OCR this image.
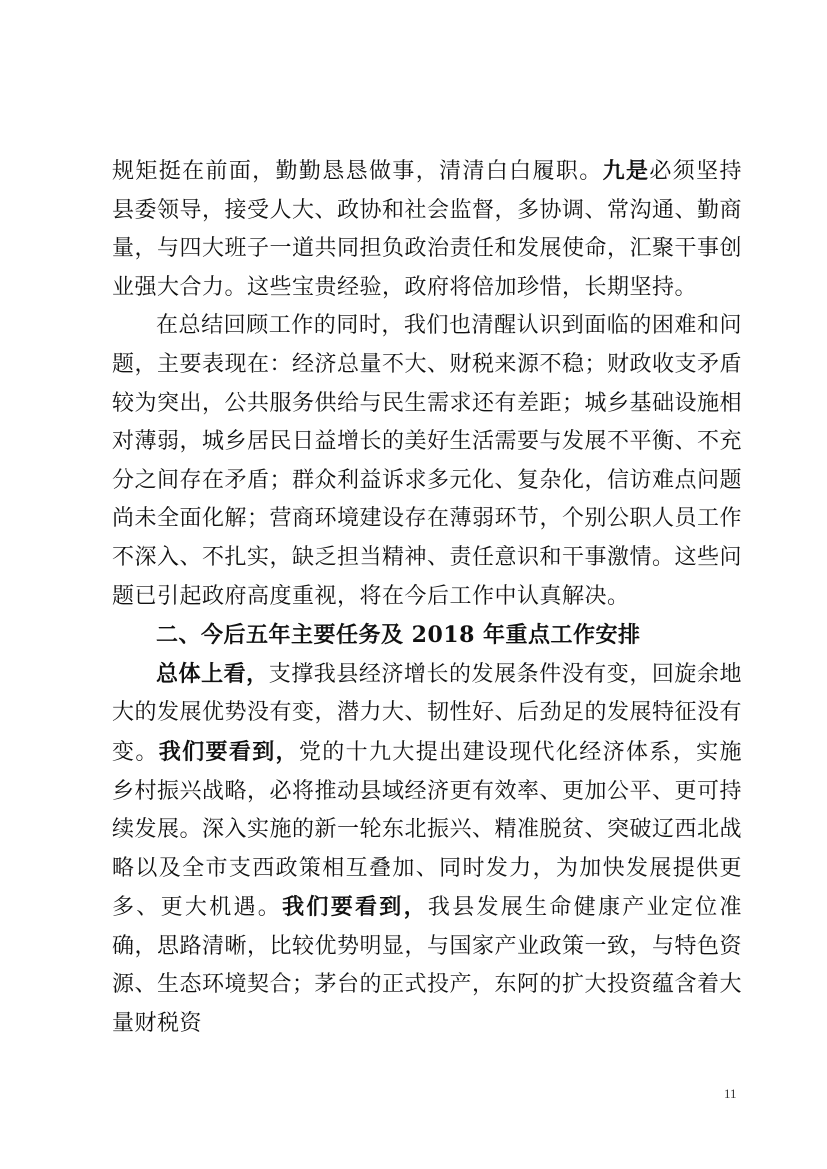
规矩挺在前面，勤勤恳恳做事，清清白白履职。九是必须坚持县委领导，接受人大、政协和社会监督，多协调、常沟通、勤商量，与四大班子一道共同担负政治责任和发展使命，汇聚干事创业强大合力。这些宝贵经验，政府将倍加珍惜，长期坚持。

在总结回顾工作的同时，我们也清醒认识到面临的困难和问题，主要表现在：经济总量不大、财税来源不稳；财政收支矛盾较为突出，公共服务供给与民生需求还有差距；城乡基础设施相对薄弱，城乡居民日益增长的美好生活需要与发展不平衡、不充分之间存在矛盾；群众利益诉求多元化、复杂化，信访难点问题尚未全面化解；营商环境建设存在薄弱环节，个别公职人员工作不深入、不扎实，缺乏担当精神、责任意识和干事激情。这些问题已引起政府高度重视，将在今后工作中认真解决。

二、今后五年主要任务及 2018 年重点工作安排

总体上看，支撑我县经济增长的发展条件没有变，回旋余地大的发展优势没有变，潜力大、韧性好、后劲足的发展特征没有变。我们要看到，党的十九大提出建设现代化经济体系，实施乡村振兴战略，必将推动县域经济更有效率、更加公平、更可持续发展。深入实施的新一轮东北振兴、精准脱贫、突破辽西北战略以及全市支西政策相互叠加、同时发力，为加快发展提供更多、更大机遇。我们要看到，我县发展生命健康产业定位准确，思路清晰，比较优势明显，与国家产业政策一致，与特色资源、生态环境契合；茅台的正式投产，东阿的扩大投资蕴含着大量财税资

11
